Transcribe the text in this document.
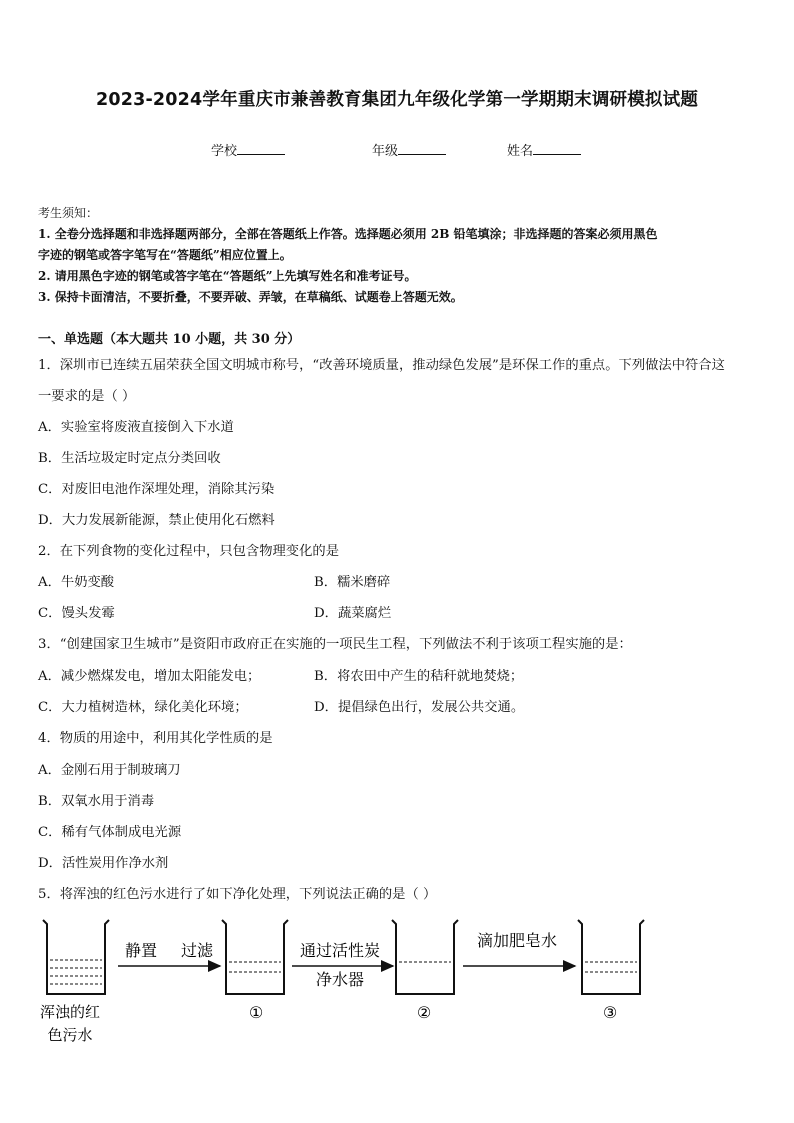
2023-2024学年重庆市兼善教育集团九年级化学第一学期期末调研模拟试题
学校	年级	姓名
考生须知：
1. 全卷分选择题和非选择题两部分，全部在答题纸上作答。选择题必须用 2B 铅笔填涂；非选择题的答案必须用黑色
字迹的钢笔或答字笔写在“答题纸”相应位置上。
2. 请用黑色字迹的钢笔或答字笔在“答题纸”上先填写姓名和准考证号。
3. 保持卡面清洁，不要折叠，不要弄破、弄皱，在草稿纸、试题卷上答题无效。
一、单选题（本大题共 10 小题，共 30 分）
1．深圳市已连续五届荣获全国文明城市称号，“改善环境质量，推动绿色发展”是环保工作的重点。下列做法中符合这
一要求的是（ ）
A．实验室将废液直接倒入下水道
B．生活垃圾定时定点分类回收
C．对废旧电池作深埋处理，消除其污染
D．大力发展新能源，禁止使用化石燃料
2．在下列食物的变化过程中，只包含物理变化的是
A．牛奶变酸	B．糯米磨碎
C．馒头发霉	D．蔬菜腐烂
3．“创建国家卫生城市”是资阳市政府正在实施的一项民生工程，下列做法不利于该项工程实施的是：
A．减少燃煤发电，增加太阳能发电；	B．将农田中产生的秸秆就地焚烧；
C．大力植树造林，绿化美化环境；	D．提倡绿色出行，发展公共交通。
4．物质的用途中，利用其化学性质的是
A．金刚石用于制玻璃刀
B．双氧水用于消毒
C．稀有气体制成电光源
D．活性炭用作净水剂
5．将浑浊的红色污水进行了如下净化处理，下列说法正确的是（ ）
浑浊的红
色污水
静置 过滤
①
通过活性炭
净水器
②
滴加肥皂水
③
